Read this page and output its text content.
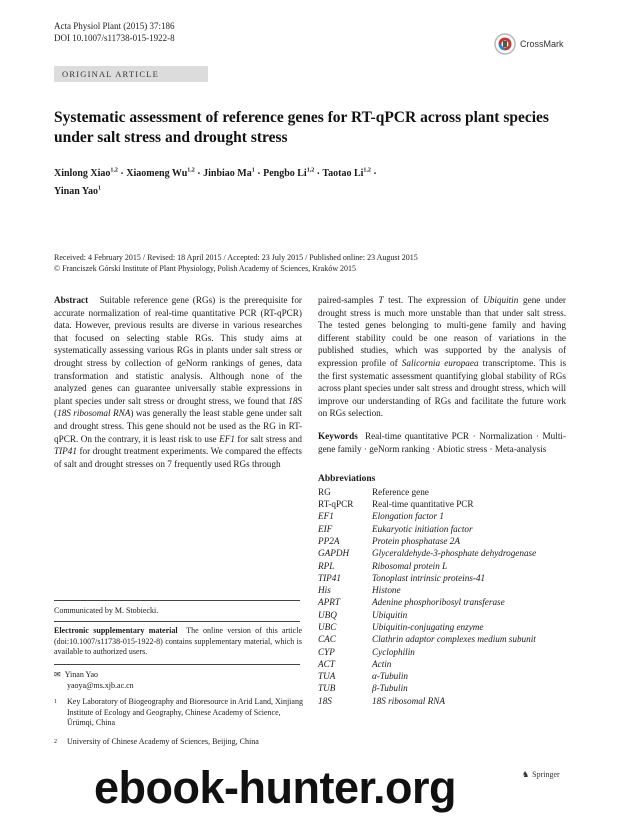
Acta Physiol Plant (2015) 37:186
DOI 10.1007/s11738-015-1922-8
CrossMark
ORIGINAL ARTICLE
Systematic assessment of reference genes for RT-qPCR across plant species under salt stress and drought stress
Xinlong Xiao$^{1,2}$ · Xiaomeng Wu$^{1,2}$ · Jinbiao $Ma^1$ · Pengbo Li$^{1,2}$ · Taotao Li$^{1,2}$ ·
Yinan Yao$^1$
Received: 4 February 2015 / Revised: 18 April 2015 / Accepted: 23 July 2015 / Published online: 23 August 2015
© Franciszek Górski Institute of Plant Physiology, Polish Academy of Sciences, Kraków 2015
Abstract Suitable reference gene (RGs) is the prerequisite for accurate normalization of real-time quantitative PCR (RT-qPCR) data. However, previous results are diverse in various researches that focused on selecting stable RGs. This study aims at systematically assessing various RGs in plants under salt stress or drought stress by collection of geNorm rankings of genes, data transformation and statistic analysis. Although none of the analyzed genes can guarantee universally stable expressions in plant species under salt stress or drought stress, we found that 18S (18S ribosomal RNA) was generally the least stable gene under salt and drought stress. This gene should not be used as the RG in RT-qPCR. On the contrary, it is least risk to use EF1 for salt stress and TIP41 for drought treatment experiments. We compared the effects of salt and drought stresses on 7 frequently used RGs through
paired-samples T test. The expression of Ubiquitin gene under drought stress is much more unstable than that under salt stress. The tested genes belonging to multi-gene family and having different stability could be one reason of variations in the published studies, which was supported by the analysis of expression profile of Salicornia europaea transcriptome. This is the first systematic assessment quantifying global stability of RGs across plant species under salt stress and drought stress, which will improve our understanding of RGs and facilitate the future work on RGs selection.
Keywords Real-time quantitative PCR · Normalization · Multi-gene family · geNorm ranking · Abiotic stress · Meta-analysis
Abbreviations
RG	Reference gene
RT-qPCR	Real-time quantitative PCR
EF1	Elongation factor 1
EIF	Eukaryotic initiation factor
PP2A	Protein phosphatase 2A
GAPDH	Glyceraldehyde-3-phosphate dehydrogenase
RPL	Ribosomal protein L
TIP41	Tonoplast intrinsic proteins-41
His	Histone
APRT	Adenine phosphoribosyl transferase
UBQ	Ubiquitin
UBC	Ubiquitin-conjugating enzyme
CAC	Clathrin adaptor complexes medium subunit
CYP	Cyclophilin
ACT	Actin
TUA	α-Tubulin
TUB	β-Tubulin
18S	18S ribosomal RNA
Communicated by M. Stobiecki.
Electronic supplementary material The online version of this article (doi:10.1007/s11738-015-1922-8) contains supplementary material, which is available to authorized users.
✉ Yinan Yao
yaoya@ms.xjb.ac.cn
1 Key Laboratory of Biogeography and Bioresource in Arid Land, Xinjiang Institute of Ecology and Geography, Chinese Academy of Science, Ürümqi, China
2 University of Chinese Academy of Sciences, Beijing, China
♞ Springer
ebook-hunter.org
